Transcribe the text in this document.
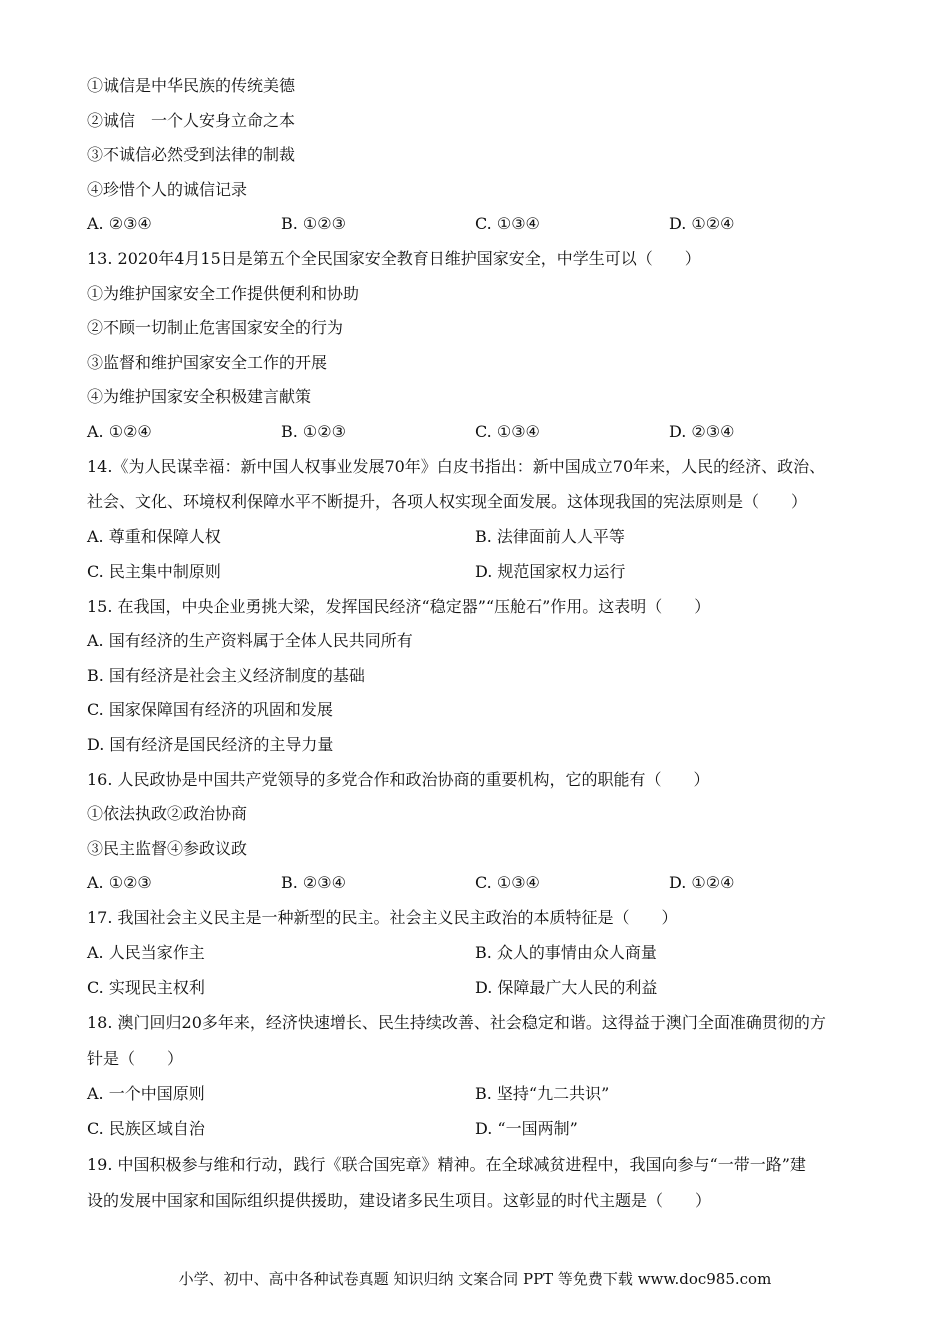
①诚信是中华民族的传统美德
②诚信　一个人安身立命之本
③不诚信必然受到法律的制裁
④珍惜个人的诚信记录
A. ②③④	B. ①②③	C. ①③④	D. ①②④
13. 2020年4月15日是第五个全民国家安全教育日维护国家安全，中学生可以（　　）
①为维护国家安全工作提供便利和协助
②不顾一切制止危害国家安全的行为
③监督和维护国家安全工作的开展
④为维护国家安全积极建言献策
A. ①②④	B. ①②③	C. ①③④	D. ②③④
14.《为人民谋幸福：新中国人权事业发展70年》白皮书指出：新中国成立70年来，人民的经济、政治、
社会、文化、环境权利保障水平不断提升，各项人权实现全面发展。这体现我国的宪法原则是（　　）
A. 尊重和保障人权	B. 法律面前人人平等
C. 民主集中制原则	D. 规范国家权力运行
15. 在我国，中央企业勇挑大梁，发挥国民经济“稳定器”“压舱石”作用。这表明（　　）
A. 国有经济的生产资料属于全体人民共同所有
B. 国有经济是社会主义经济制度的基础
C. 国家保障国有经济的巩固和发展
D. 国有经济是国民经济的主导力量
16. 人民政协是中国共产党领导的多党合作和政治协商的重要机构，它的职能有（　　）
①依法执政②政治协商
③民主监督④参政议政
A. ①②③	B. ②③④	C. ①③④	D. ①②④
17. 我国社会主义民主是一种新型的民主。社会主义民主政治的本质特征是（　　）
A. 人民当家作主	B. 众人的事情由众人商量
C. 实现民主权利	D. 保障最广大人民的利益
18. 澳门回归20多年来，经济快速增长、民生持续改善、社会稳定和谐。这得益于澳门全面准确贯彻的方
针是（　　）
A. 一个中国原则	B. 坚持“九二共识”
C. 民族区域自治	D. “一国两制”
19. 中国积极参与维和行动，践行《联合国宪章》精神。在全球减贫进程中，我国向参与“一带一路”建
设的发展中国家和国际组织提供援助，建设诸多民生项目。这彰显的时代主题是（　　）
小学、初中、高中各种试卷真题 知识归纳 文案合同 PPT 等免费下载 www.doc985.com
